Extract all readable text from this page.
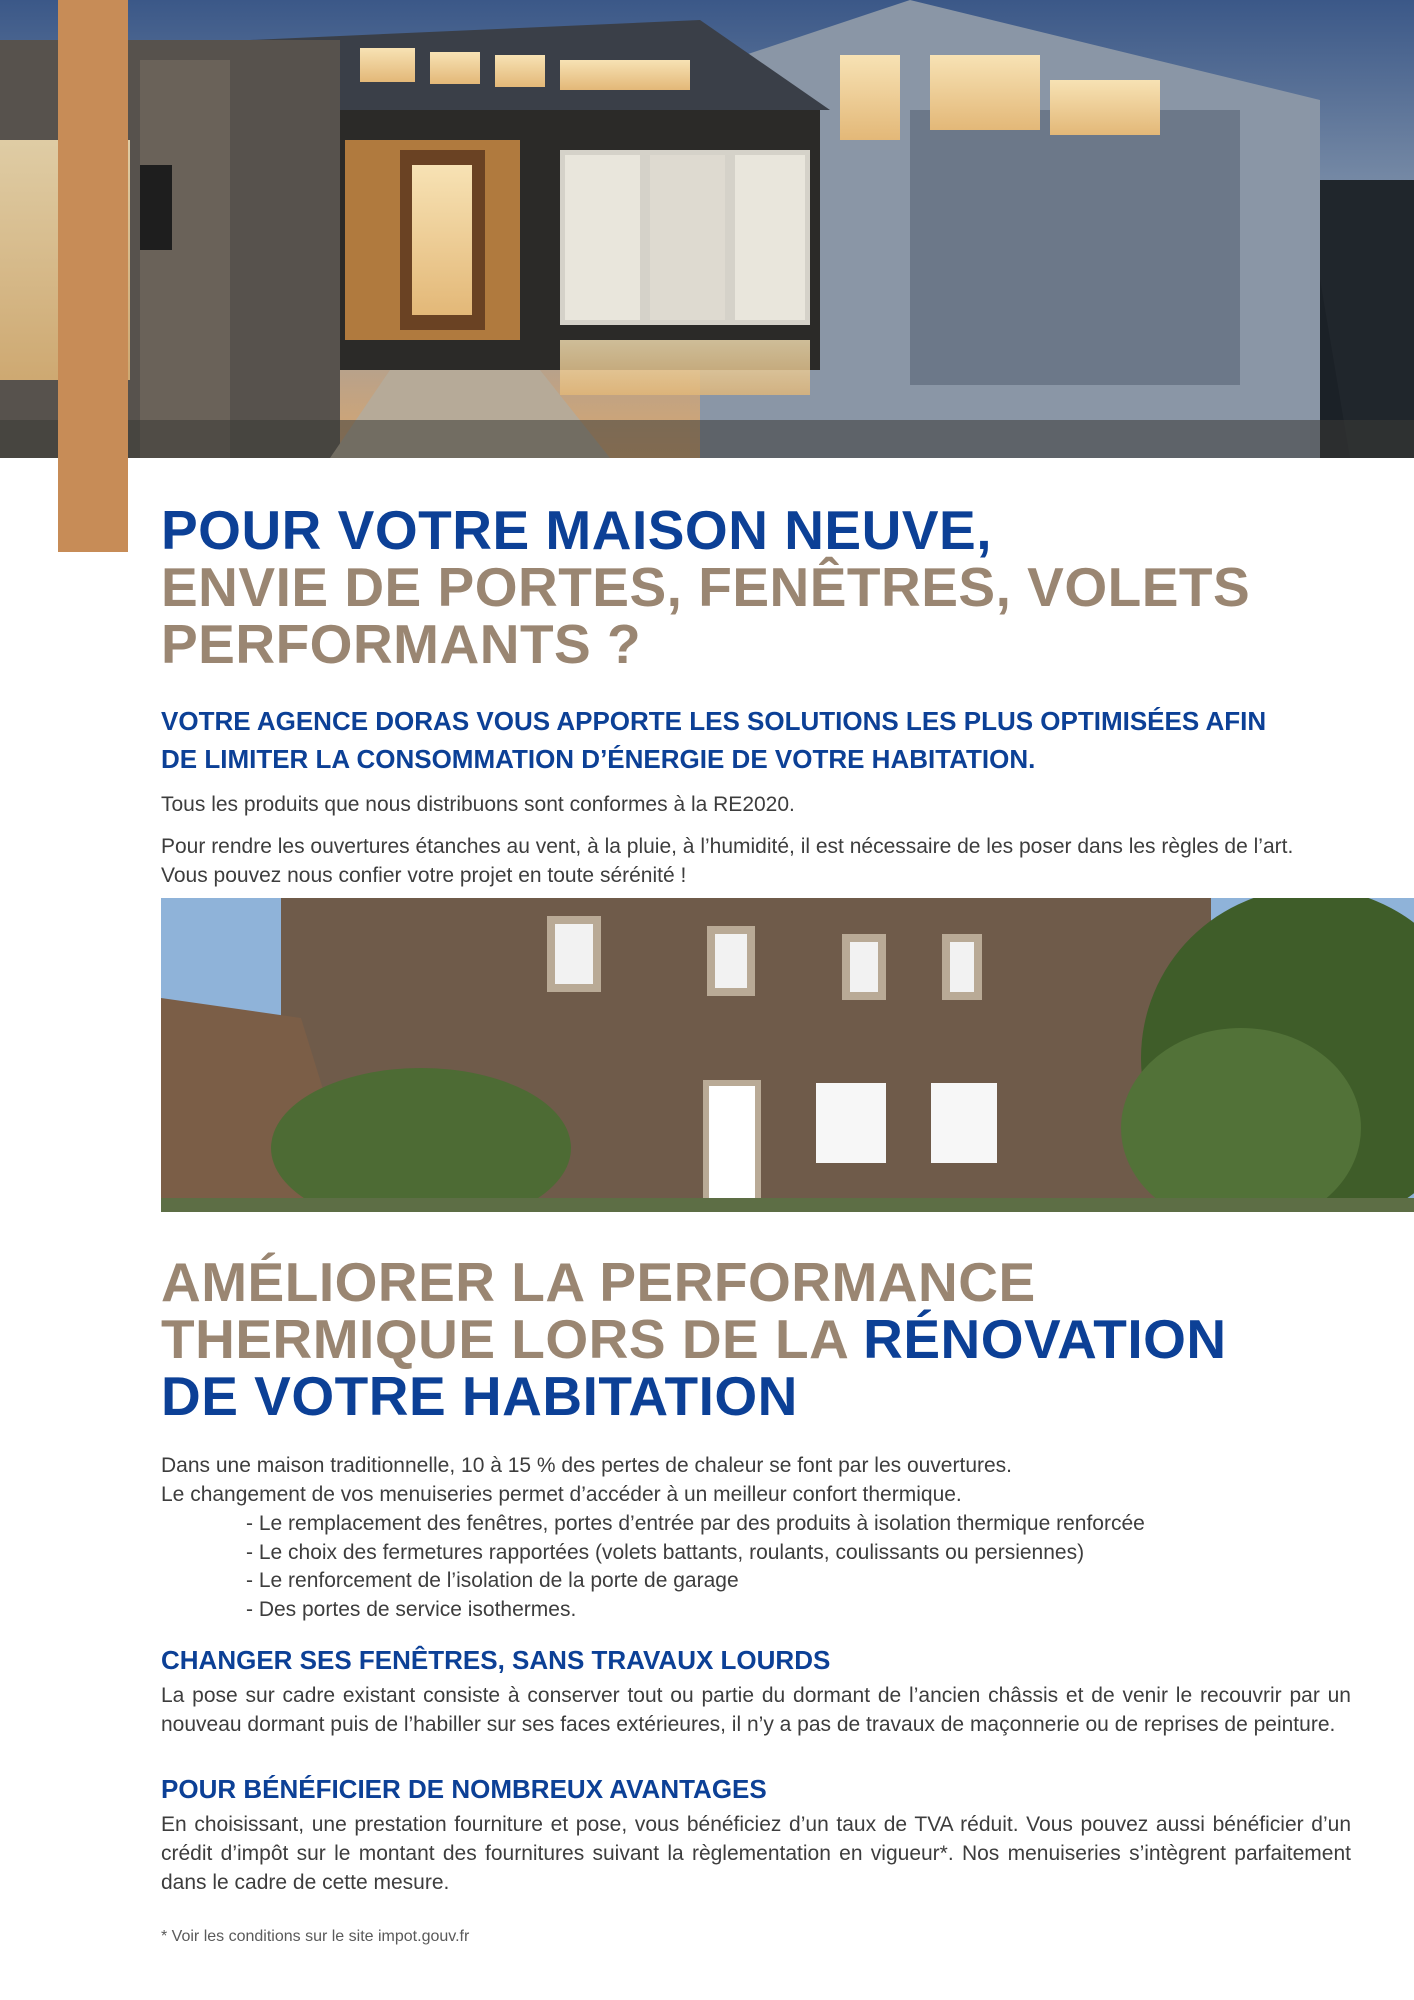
POUR VOTRE MAISON NEUVE,
ENVIE DE PORTES, FENÊTRES, VOLETS
PERFORMANTS ?
VOTRE AGENCE DORAS VOUS APPORTE LES SOLUTIONS LES PLUS OPTIMISÉES AFIN
DE LIMITER LA CONSOMMATION D’ÉNERGIE DE VOTRE HABITATION.

Tous les produits que nous distribuons sont conformes à la RE2020.

Pour rendre les ouvertures étanches au vent, à la pluie, à l’humidité, il est nécessaire de les poser dans les règles de l’art.
Vous pouvez nous confier votre projet en toute sérénité !
AMÉLIORER LA PERFORMANCE
THERMIQUE LORS DE LA RÉNOVATION
DE VOTRE HABITATION
Dans une maison traditionnelle, 10 à 15 % des pertes de chaleur se font par les ouvertures.
Le changement de vos menuiseries permet d’accéder à un meilleur confort thermique.
- Le remplacement des fenêtres, portes d’entrée par des produits à isolation thermique renforcée
- Le choix des fermetures rapportées (volets battants, roulants, coulissants ou persiennes)
- Le renforcement de l’isolation de la porte de garage
- Des portes de service isothermes.
CHANGER SES FENÊTRES, SANS TRAVAUX LOURDS

La pose sur cadre existant consiste à conserver tout ou partie du dormant de l’ancien châssis et de venir le recouvrir par un nouveau dormant puis de l’habiller sur ses faces extérieures, il n’y a pas de travaux de maçonnerie ou de reprises de peinture.

POUR BÉNÉFICIER DE NOMBREUX AVANTAGES

En choisissant, une prestation fourniture et pose, vous bénéficiez d’un taux de TVA réduit. Vous pouvez aussi bénéficier d’un crédit d’impôt sur le montant des fournitures suivant la règlementation en vigueur*. Nos menuiseries s’intègrent parfaitement dans le cadre de cette mesure.

* Voir les conditions sur le site impot.gouv.fr
